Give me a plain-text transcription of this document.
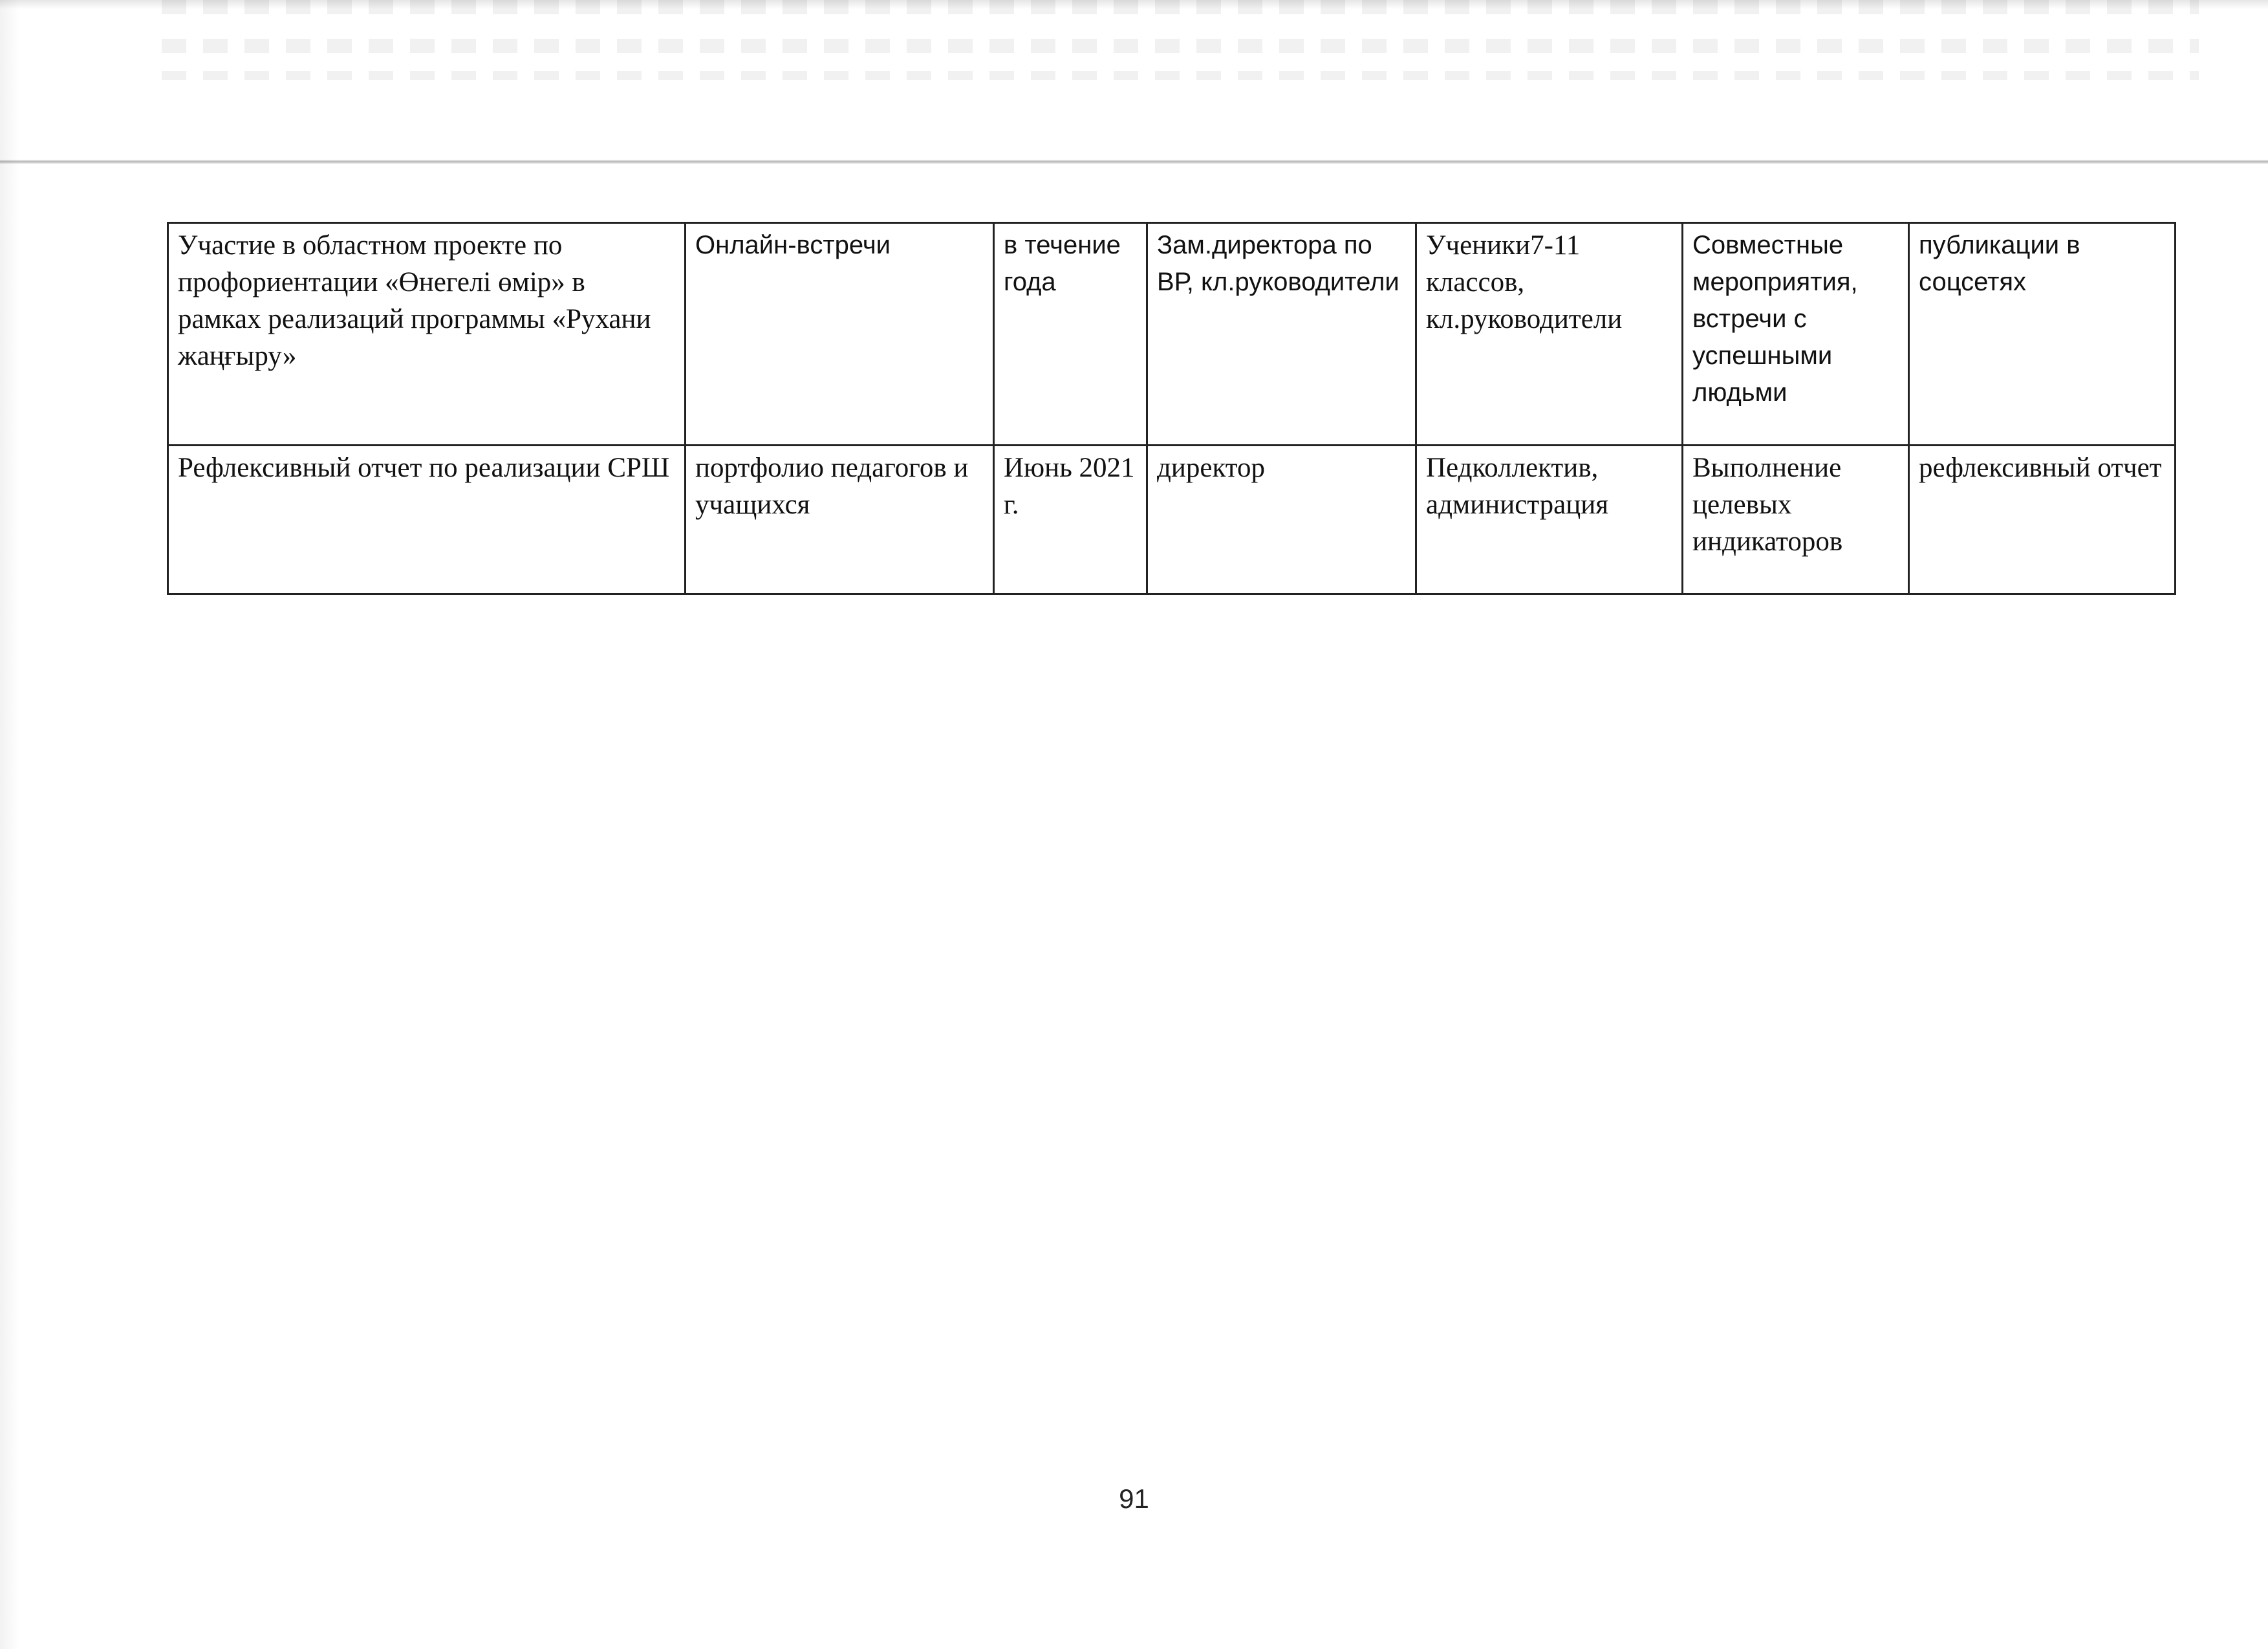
Участие в областном проекте по профориентации «Өнегелі өмір» в рамках реализаций программы «Рухани жаңғыру»	Онлайн-встречи	в течение года	Зам.директора по ВР, кл.руководители	Ученики7-11 классов, кл.руководители	Совместные мероприятия, встречи с успешными людьми	публикации в соцсетях
Рефлексивный отчет по реализации СРШ	портфолио педагогов и учащихся	Июнь 2021 г.	директор	Педколлектив, администрация	Выполнение целевых индикаторов	рефлексивный отчет
91
